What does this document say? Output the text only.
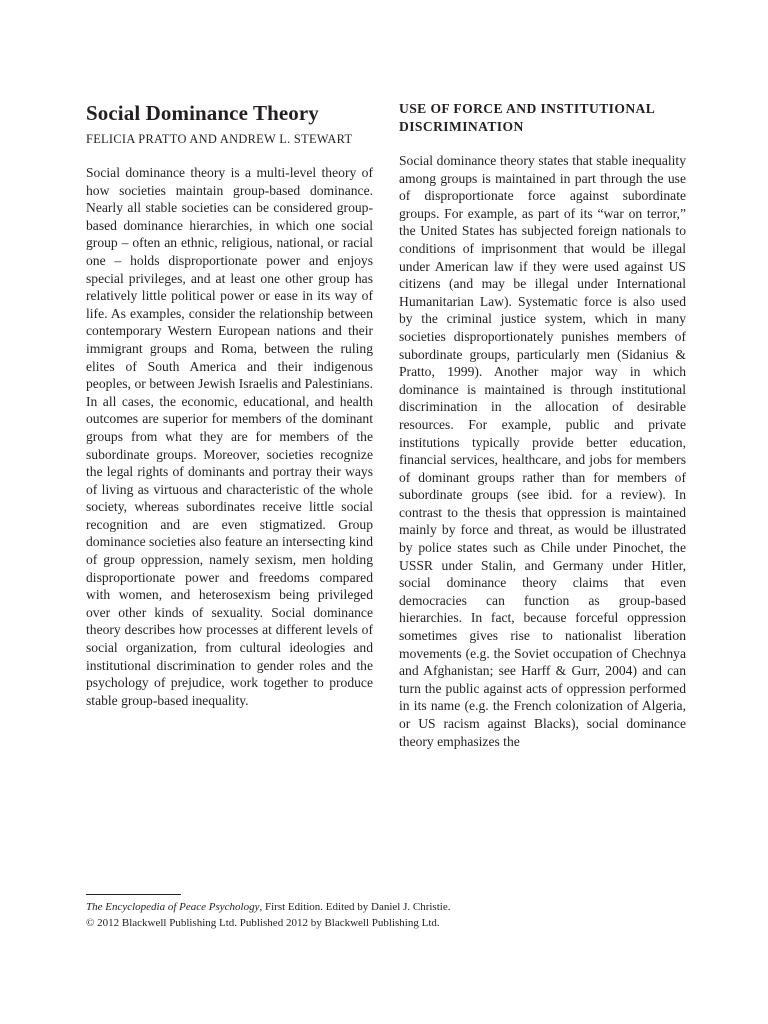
Social Dominance Theory

FELICIA PRATTO AND ANDREW L. STEWART

Social dominance theory is a multi-level theory of how societies maintain group-based dominance. Nearly all stable societies can be considered group-based dominance hierarchies, in which one social group – often an ethnic, religious, national, or racial one – holds disproportionate power and enjoys special privileges, and at least one other group has relatively little political power or ease in its way of life. As examples, consider the relationship between contemporary Western European nations and their immigrant groups and Roma, between the ruling elites of South America and their indigenous peoples, or between Jewish Israelis and Palestinians. In all cases, the economic, educational, and health outcomes are superior for members of the dominant groups from what they are for members of the subordinate groups. Moreover, societies recognize the legal rights of dominants and portray their ways of living as virtuous and characteristic of the whole society, whereas subordinates receive little social recognition and are even stigmatized. Group dominance societies also feature an intersecting kind of group oppression, namely sexism, men holding disproportionate power and freedoms compared with women, and heterosexism being privileged over other kinds of sexuality. Social dominance theory describes how processes at different levels of social organization, from cultural ideologies and institutional discrimination to gender roles and the psychology of prejudice, work together to produce stable group-based inequality.

USE OF FORCE AND INSTITUTIONAL DISCRIMINATION

Social dominance theory states that stable inequality among groups is maintained in part through the use of disproportionate force against subordinate groups. For example, as part of its “war on terror,” the United States has subjected foreign nationals to conditions of imprisonment that would be illegal under American law if they were used against US citizens (and may be illegal under International Humanitarian Law). Systematic force is also used by the criminal justice system, which in many societies disproportionately punishes members of subordinate groups, particularly men (Sidanius & Pratto, 1999). Another major way in which dominance is maintained is through institutional discrimination in the allocation of desirable resources. For example, public and private institutions typically provide better education, financial services, healthcare, and jobs for members of dominant groups rather than for members of subordinate groups (see ibid. for a review). In contrast to the thesis that oppression is maintained mainly by force and threat, as would be illustrated by police states such as Chile under Pinochet, the USSR under Stalin, and Germany under Hitler, social dominance theory claims that even democracies can function as group-based hierarchies. In fact, because forceful oppression sometimes gives rise to nationalist liberation movements (e.g. the Soviet occupation of Chechnya and Afghanistan; see Harff & Gurr, 2004) and can turn the public against acts of oppression performed in its name (e.g. the French colonization of Algeria, or US racism against Blacks), social dominance theory emphasizes the

The Encyclopedia of Peace Psychology, First Edition. Edited by Daniel J. Christie.

© 2012 Blackwell Publishing Ltd. Published 2012 by Blackwell Publishing Ltd.
